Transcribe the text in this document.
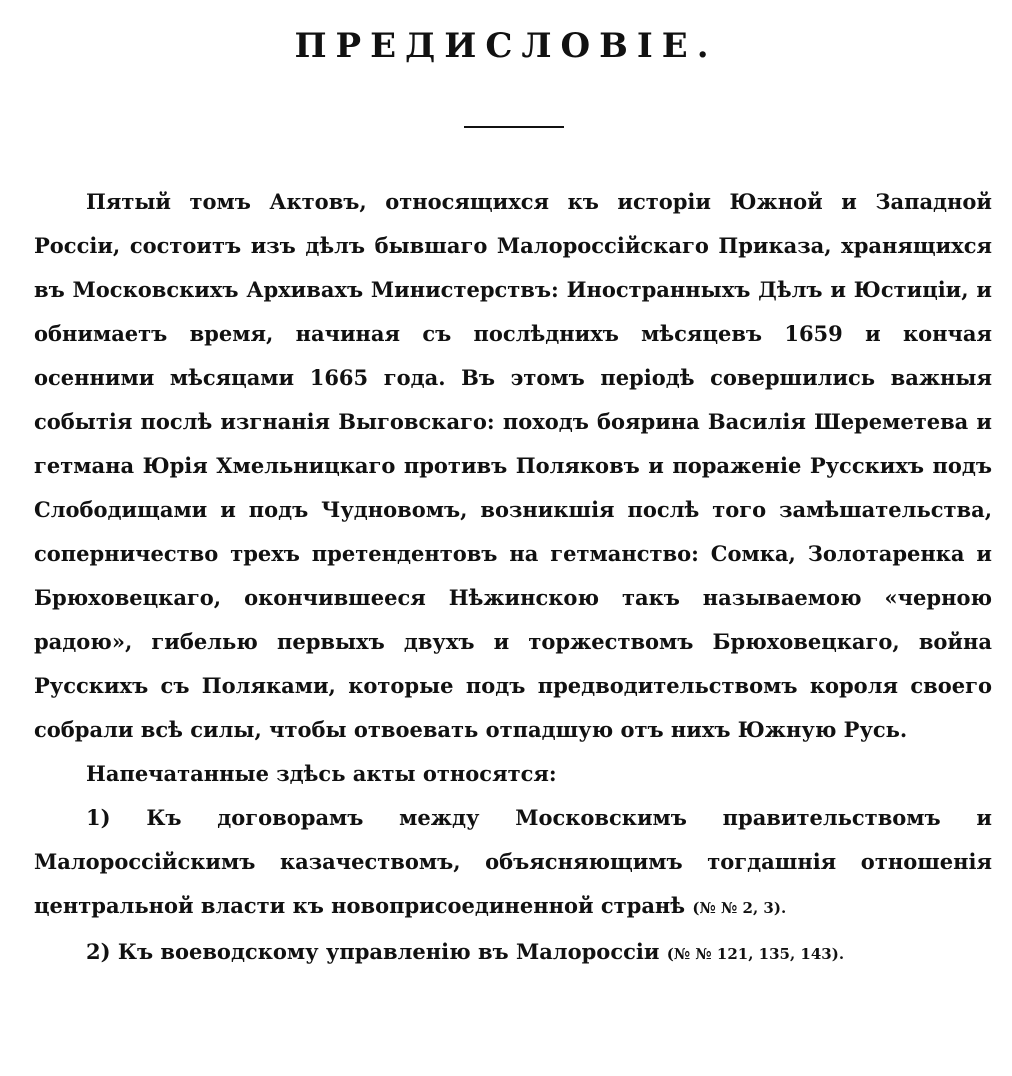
ПРЕДИСЛОВІЕ.

Пятый томъ Актовъ, относящихся къ исторіи Южной и Западной Россіи, состоитъ изъ дѣлъ бывшаго Малороссійскаго Приказа, хранящихся въ Московскихъ Архивахъ Министерствъ: Иностранныхъ Дѣлъ и Юстиціи, и обнимаетъ время, начиная съ послѣднихъ мѣсяцевъ 1659 и кончая осенними мѣсяцами 1665 года. Въ этомъ періодѣ совершились важныя событія послѣ изгнанія Выговскаго: походъ боярина Василія Шереметева и гетмана Юрія Хмельницкаго противъ Поляковъ и пораженіе Русскихъ подъ Слободищами и подъ Чудновомъ, возникшія послѣ того замѣшательства, соперничество трехъ претендентовъ на гетманство: Сомка, Золотаренка и Брюховецкаго, окончившееся Нѣжинскою такъ называемою «черною радою», гибелью первыхъ двухъ и торжествомъ Брюховецкаго, война Русскихъ съ Поляками, которые подъ предводительствомъ короля своего собрали всѣ силы, чтобы отвоевать отпадшую отъ нихъ Южную Русь.

Напечатанные здѣсь акты относятся:

1) Къ договорамъ между Московскимъ правительствомъ и Малороссійскимъ казачествомъ, объясняющимъ тогдашнія отношенія центральной власти къ новоприсоединенной странѣ (№ № 2, 3).

2) Къ воеводскому управленію въ Малороссіи (№ № 121, 135, 143).
